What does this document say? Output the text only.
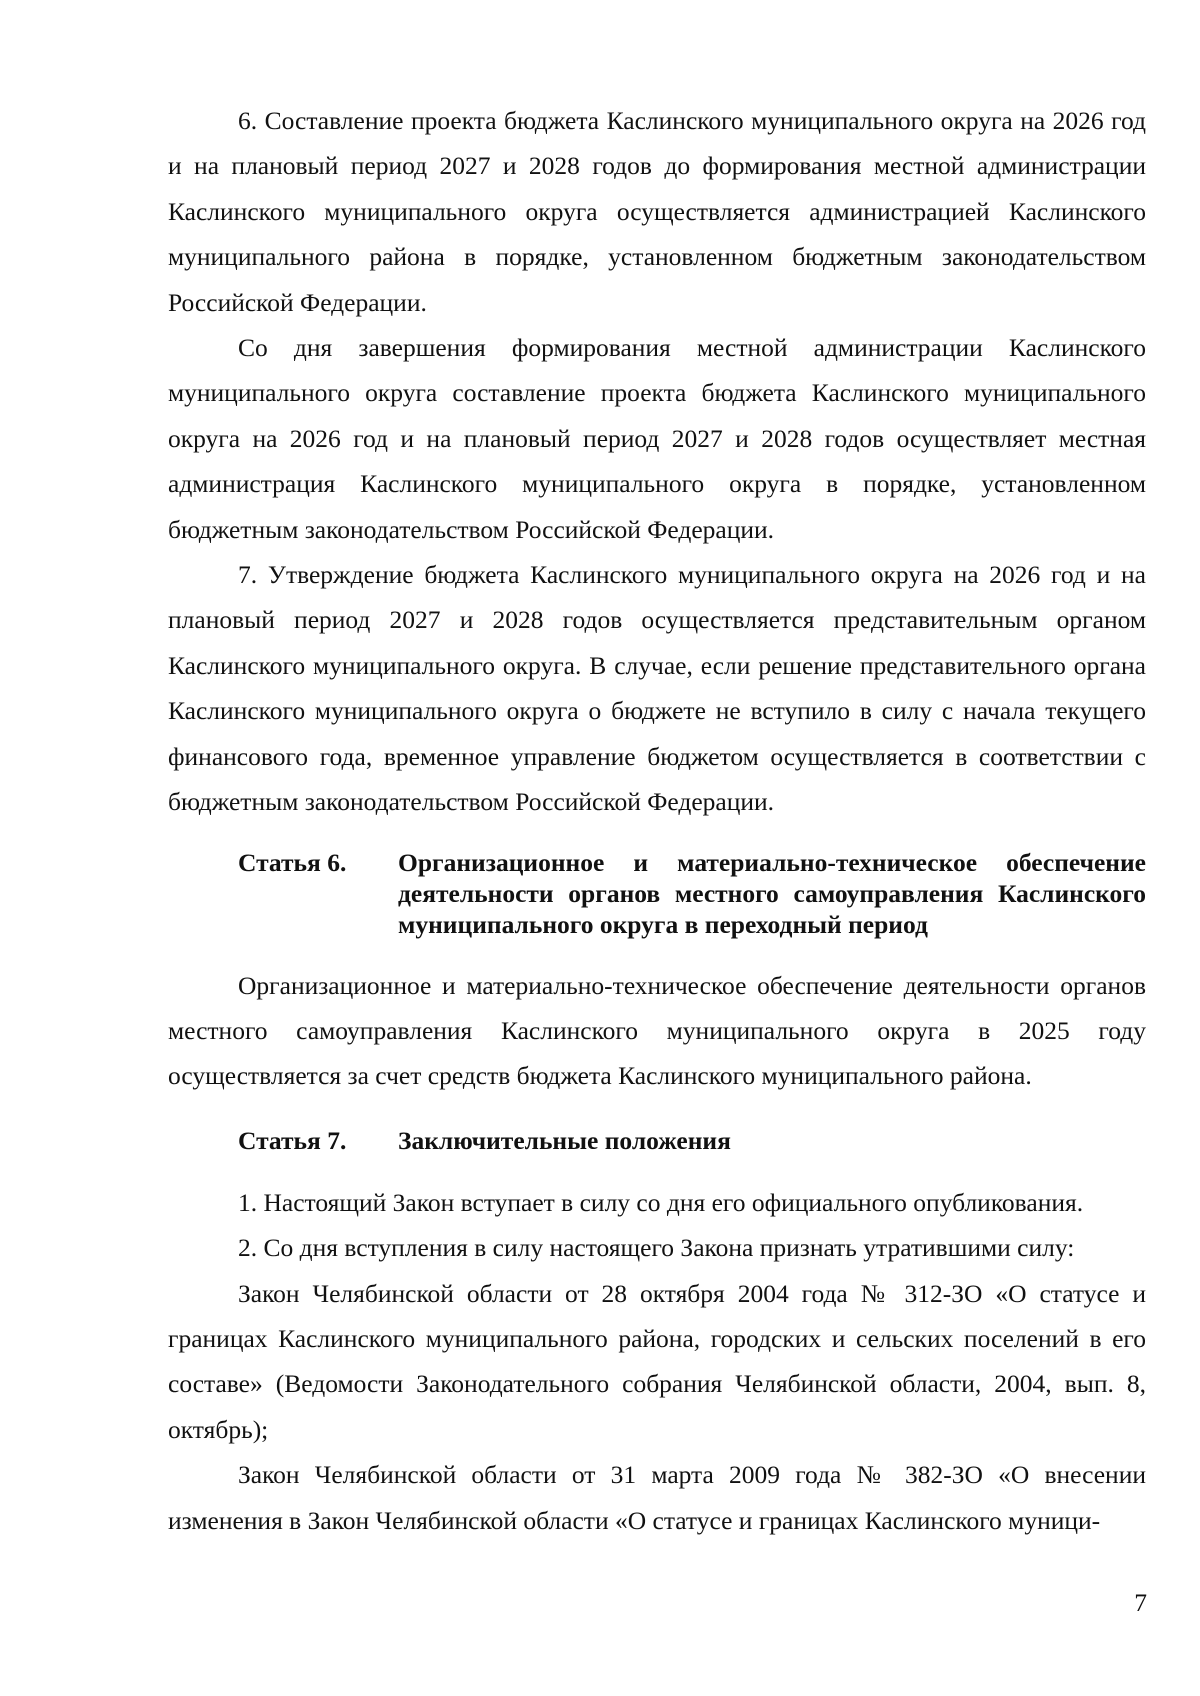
6. Составление проекта бюджета Каслинского муниципального округа на 2026 год и на плановый период 2027 и 2028 годов до формирования местной администрации Каслинского муниципального округа осуществляется администрацией Каслинского муниципального района в порядке, установленном бюджетным законодательством Российской Федерации.

Со дня завершения формирования местной администрации Каслинского муниципального округа составление проекта бюджета Каслинского муниципального округа на 2026 год и на плановый период 2027 и 2028 годов осуществляет местная администрация Каслинского муниципального округа в порядке, установленном бюджетным законодательством Российской Федерации.

7. Утверждение бюджета Каслинского муниципального округа на 2026 год и на плановый период 2027 и 2028 годов осуществляется представительным органом Каслинского муниципального округа. В случае, если решение представительного органа Каслинского муниципального округа о бюджете не вступило в силу с начала текущего финансового года, временное управление бюджетом осуществляется в соответствии с бюджетным законодательством Российской Федерации.

Статья 6.	Организационное и материально-техническое обеспечение деятельности органов местного самоуправления Каслинского муниципального округа в переходный период

Организационное и материально-техническое обеспечение деятельности органов местного самоуправления Каслинского муниципального округа в 2025 году осуществляется за счет средств бюджета Каслинского муниципального района.

Статья 7.	Заключительные положения

1. Настоящий Закон вступает в силу со дня его официального опубликования.

2. Со дня вступления в силу настоящего Закона признать утратившими силу:

Закон Челябинской области от 28 октября 2004 года № 312-ЗО «О статусе и границах Каслинского муниципального района, городских и сельских поселений в его составе» (Ведомости Законодательного собрания Челябинской области, 2004, вып. 8, октябрь);

Закон Челябинской области от 31 марта 2009 года № 382-ЗО «О внесении изменения в Закон Челябинской области «О статусе и границах Каслинского муници-

7
